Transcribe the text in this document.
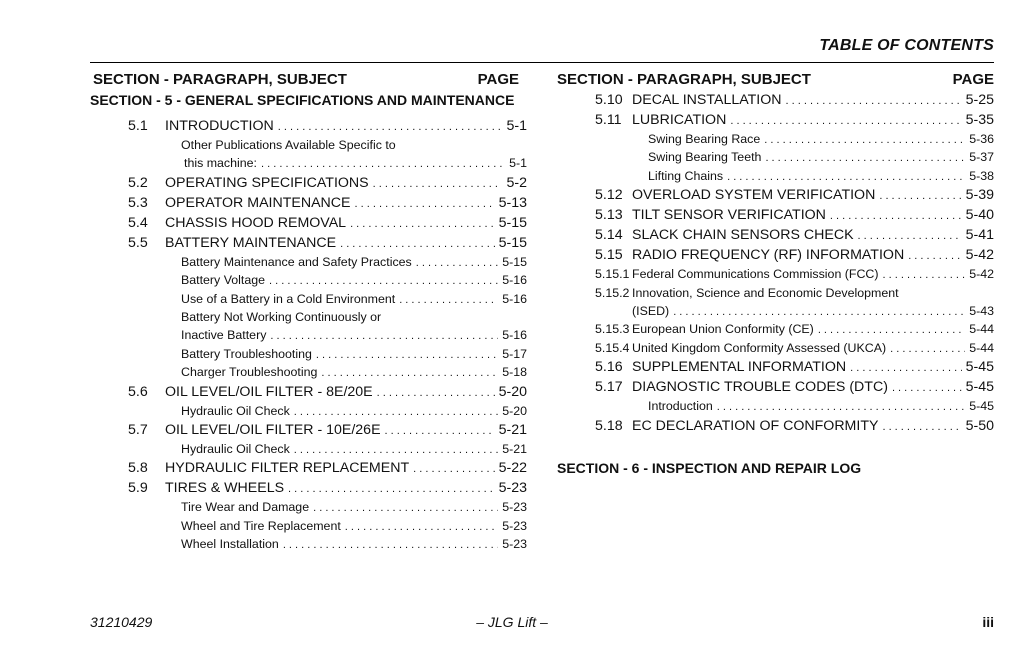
TABLE OF CONTENTS
SECTION - PARAGRAPH, SUBJECT	PAGE
SECTION - 5 - GENERAL SPECIFICATIONS AND MAINTENANCE
5.1	INTRODUCTION . . .	5-1
Other Publications Available Specific to
this machine: . . .	5-1
5.2	OPERATING SPECIFICATIONS . . .	5-2
5.3	OPERATOR MAINTENANCE . . .	5-13
5.4	CHASSIS HOOD REMOVAL . . .	5-15
5.5	BATTERY MAINTENANCE . . .	5-15
Battery Maintenance and Safety Practices . . .	5-15
Battery Voltage . . .	5-16
Use of a Battery in a Cold Environment . . .	5-16
Battery Not Working Continuously or
Inactive Battery . . .	5-16
Battery Troubleshooting . . .	5-17
Charger Troubleshooting . . .	5-18
5.6	OIL LEVEL/OIL FILTER - 8E/20E . . .	5-20
Hydraulic Oil Check . . .	5-20
5.7	OIL LEVEL/OIL FILTER - 10E/26E . . .	5-21
Hydraulic Oil Check . . .	5-21
5.8	HYDRAULIC FILTER REPLACEMENT . . .	5-22
5.9	TIRES & WHEELS . . .	5-23
Tire Wear and Damage . . .	5-23
Wheel and Tire Replacement . . .	5-23
Wheel Installation . . .	5-23
SECTION - PARAGRAPH, SUBJECT	PAGE
5.10 DECAL INSTALLATION . . .	5-25
5.11 LUBRICATION . . .	5-35
Swing Bearing Race . . .	5-36
Swing Bearing Teeth . . .	5-37
Lifting Chains . . .	5-38
5.12 OVERLOAD SYSTEM VERIFICATION . . .	5-39
5.13 TILT SENSOR VERIFICATION . . .	5-40
5.14 SLACK CHAIN SENSORS CHECK . . .	5-41
5.15 RADIO FREQUENCY (RF) INFORMATION . . .	5-42
5.15.1 Federal Communications Commission (FCC) . . .	5-42
5.15.2 Innovation, Science and Economic Development
(ISED) . . .	5-43
5.15.3 European Union Conformity (CE) . . .	5-44
5.15.4 United Kingdom Conformity Assessed (UKCA) . . .	5-44
5.16 SUPPLEMENTAL INFORMATION . . .	5-45
5.17 DIAGNOSTIC TROUBLE CODES (DTC) . . .	5-45
Introduction . . .	5-45
5.18 EC DECLARATION OF CONFORMITY . . .	5-50
SECTION - 6 - INSPECTION AND REPAIR LOG
31210429	– JLG Lift –	iii
